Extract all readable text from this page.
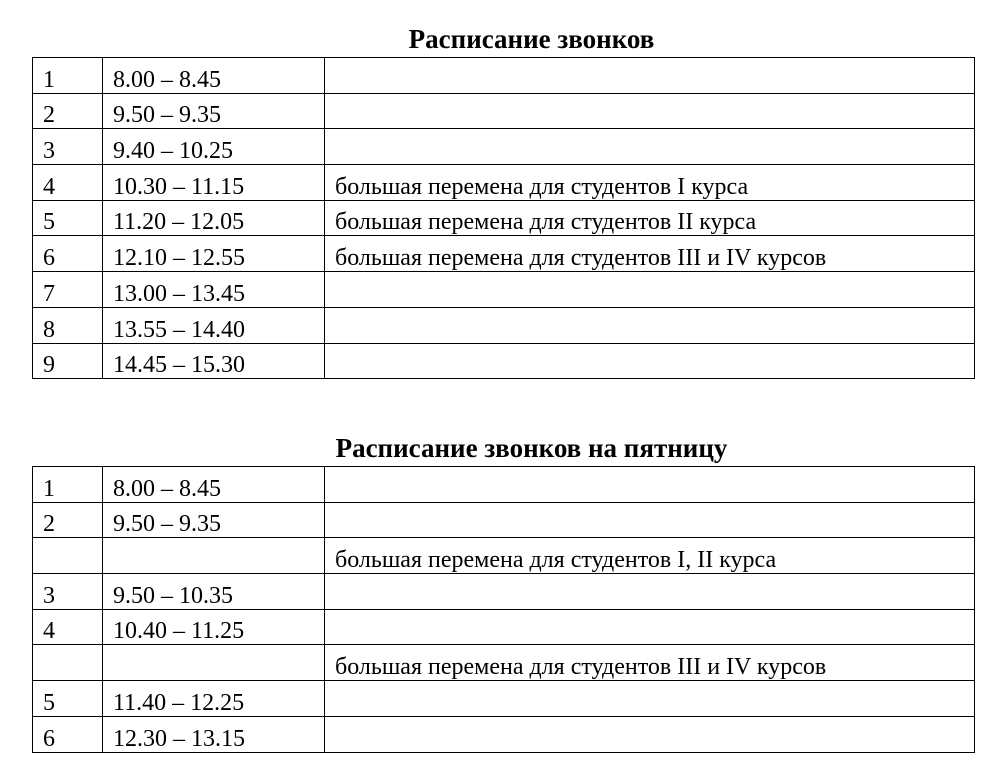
Расписание звонков
1	8.00 – 8.45	
2	9.50 – 9.35	
3	9.40 – 10.25	
4	10.30 – 11.15	большая перемена для студентов I курса
5	11.20 – 12.05	большая перемена для студентов II курса
6	12.10 – 12.55	большая перемена для студентов III и IV курсов
7	13.00 – 13.45	
8	13.55 – 14.40	
9	14.45 – 15.30	
Расписание звонков на пятницу
1	8.00 – 8.45	
2	9.50 – 9.35	
		большая перемена для студентов I, II курса
3	9.50 – 10.35	
4	10.40 – 11.25	
		большая перемена для студентов III и IV курсов
5	11.40 – 12.25	
6	12.30 – 13.15	
